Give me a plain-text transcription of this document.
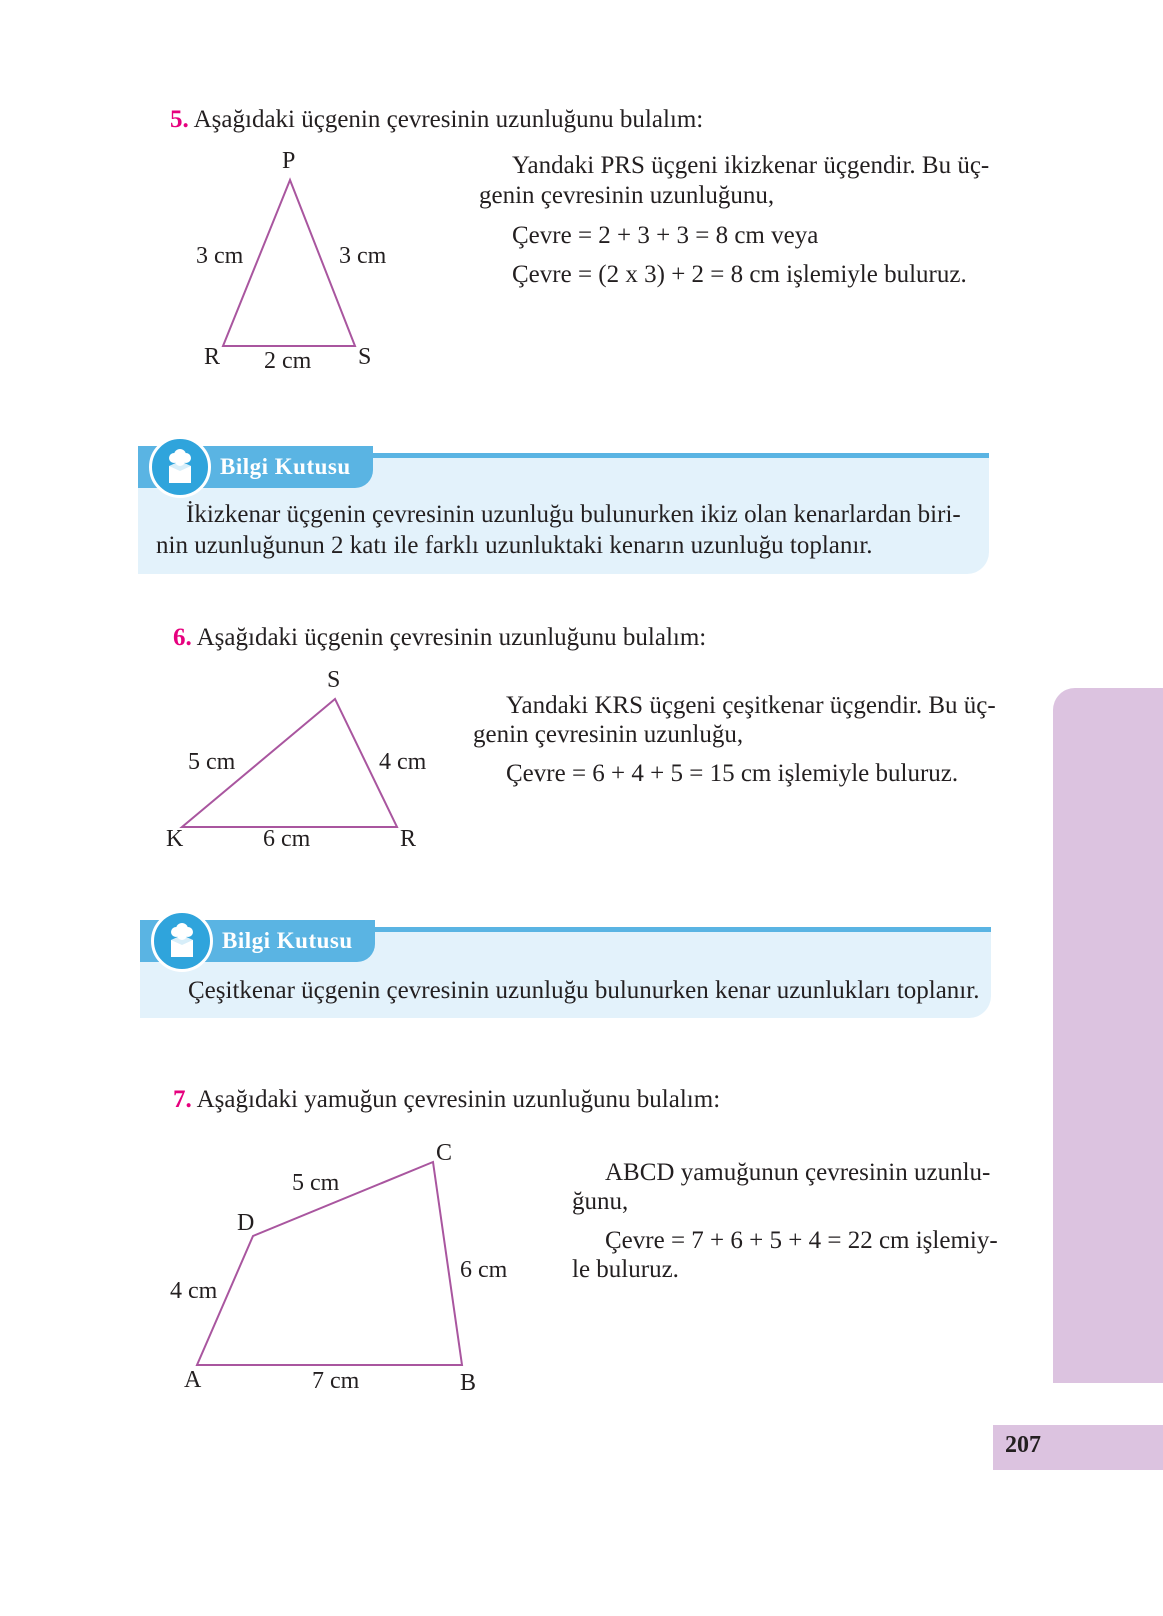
5. Aşağıdaki üçgenin çevresinin uzunluğunu bulalım:
P
R	S
3 cm	3 cm
2 cm
Yandaki PRS üçgeni ikizkenar üçgendir. Bu üç-
genin çevresinin uzunluğunu,
Çevre = 2 + 3 + 3 = 8 cm veya
Çevre = (2 x 3) + 2 = 8 cm işlemiyle buluruz.
Bilgi Kutusu
İkizkenar üçgenin çevresinin uzunluğu bulunurken ikiz olan kenarlardan biri-
nin uzunluğunun 2 katı ile farklı uzunluktaki kenarın uzunluğu toplanır.
6. Aşağıdaki üçgenin çevresinin uzunluğunu bulalım:
S
K	R
5 cm	4 cm
6 cm
Yandaki KRS üçgeni çeşitkenar üçgendir. Bu üç-
genin çevresinin uzunluğu,
Çevre = 6 + 4 + 5 = 15 cm işlemiyle buluruz.
Bilgi Kutusu
Çeşitkenar üçgenin çevresinin uzunluğu bulunurken kenar uzunlukları toplanır.
7. Aşağıdaki yamuğun çevresinin uzunluğunu bulalım:
C
D
A	B
5 cm
6 cm
4 cm
7 cm
ABCD yamuğunun çevresinin uzunlu-
ğunu,
Çevre = 7 + 6 + 5 + 4 = 22 cm işlemiy-
le buluruz.
207
